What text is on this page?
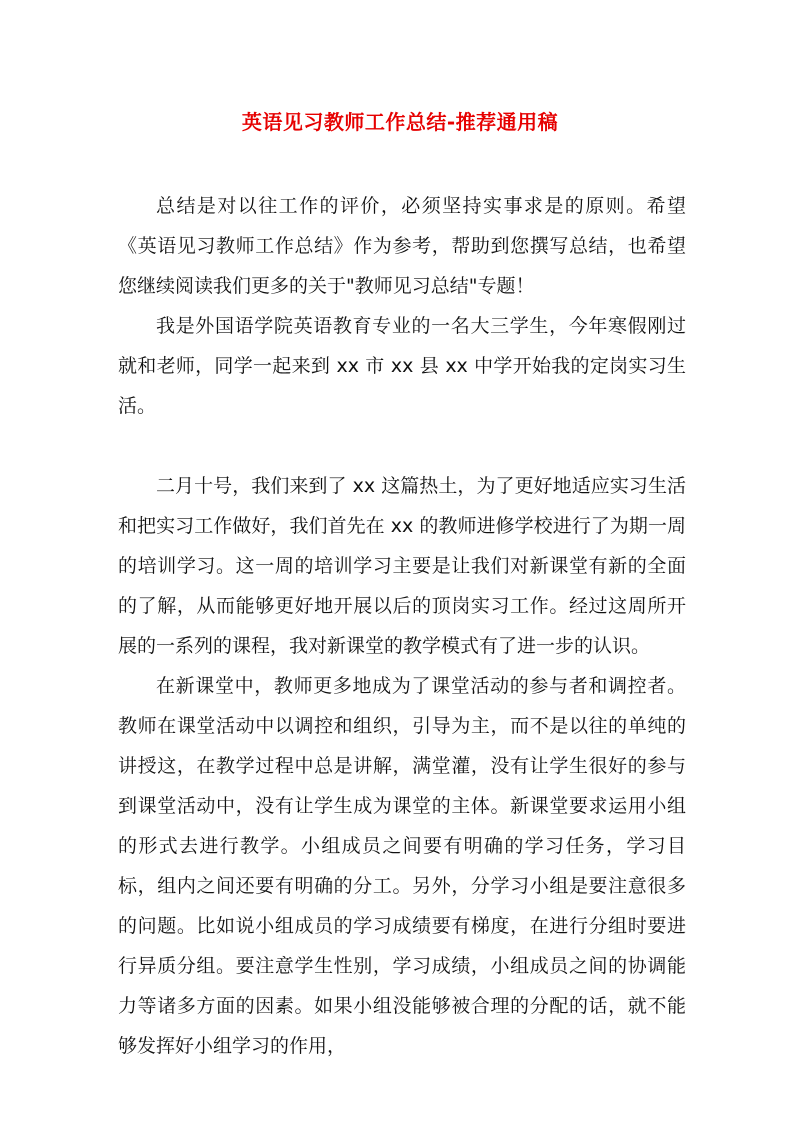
英语见习教师工作总结-推荐通用稿

总结是对以往工作的评价，必须坚持实事求是的原则。希望《英语见习教师工作总结》作为参考，帮助到您撰写总结，也希望您继续阅读我们更多的关于"教师见习总结"专题！

我是外国语学院英语教育专业的一名大三学生，今年寒假刚过就和老师，同学一起来到 xx 市 xx 县 xx 中学开始我的定岗实习生活。

二月十号，我们来到了 xx 这篇热土，为了更好地适应实习生活和把实习工作做好，我们首先在 xx 的教师进修学校进行了为期一周的培训学习。这一周的培训学习主要是让我们对新课堂有新的全面的了解，从而能够更好地开展以后的顶岗实习工作。经过这周所开展的一系列的课程，我对新课堂的教学模式有了进一步的认识。

在新课堂中，教师更多地成为了课堂活动的参与者和调控者。教师在课堂活动中以调控和组织，引导为主，而不是以往的单纯的讲授这，在教学过程中总是讲解，满堂灌，没有让学生很好的参与到课堂活动中，没有让学生成为课堂的主体。新课堂要求运用小组的形式去进行教学。小组成员之间要有明确的学习任务，学习目标，组内之间还要有明确的分工。另外，分学习小组是要注意很多的问题。比如说小组成员的学习成绩要有梯度，在进行分组时要进行异质分组。要注意学生性别，学习成绩，小组成员之间的协调能力等诸多方面的因素。如果小组没能够被合理的分配的话，就不能够发挥好小组学习的作用，
